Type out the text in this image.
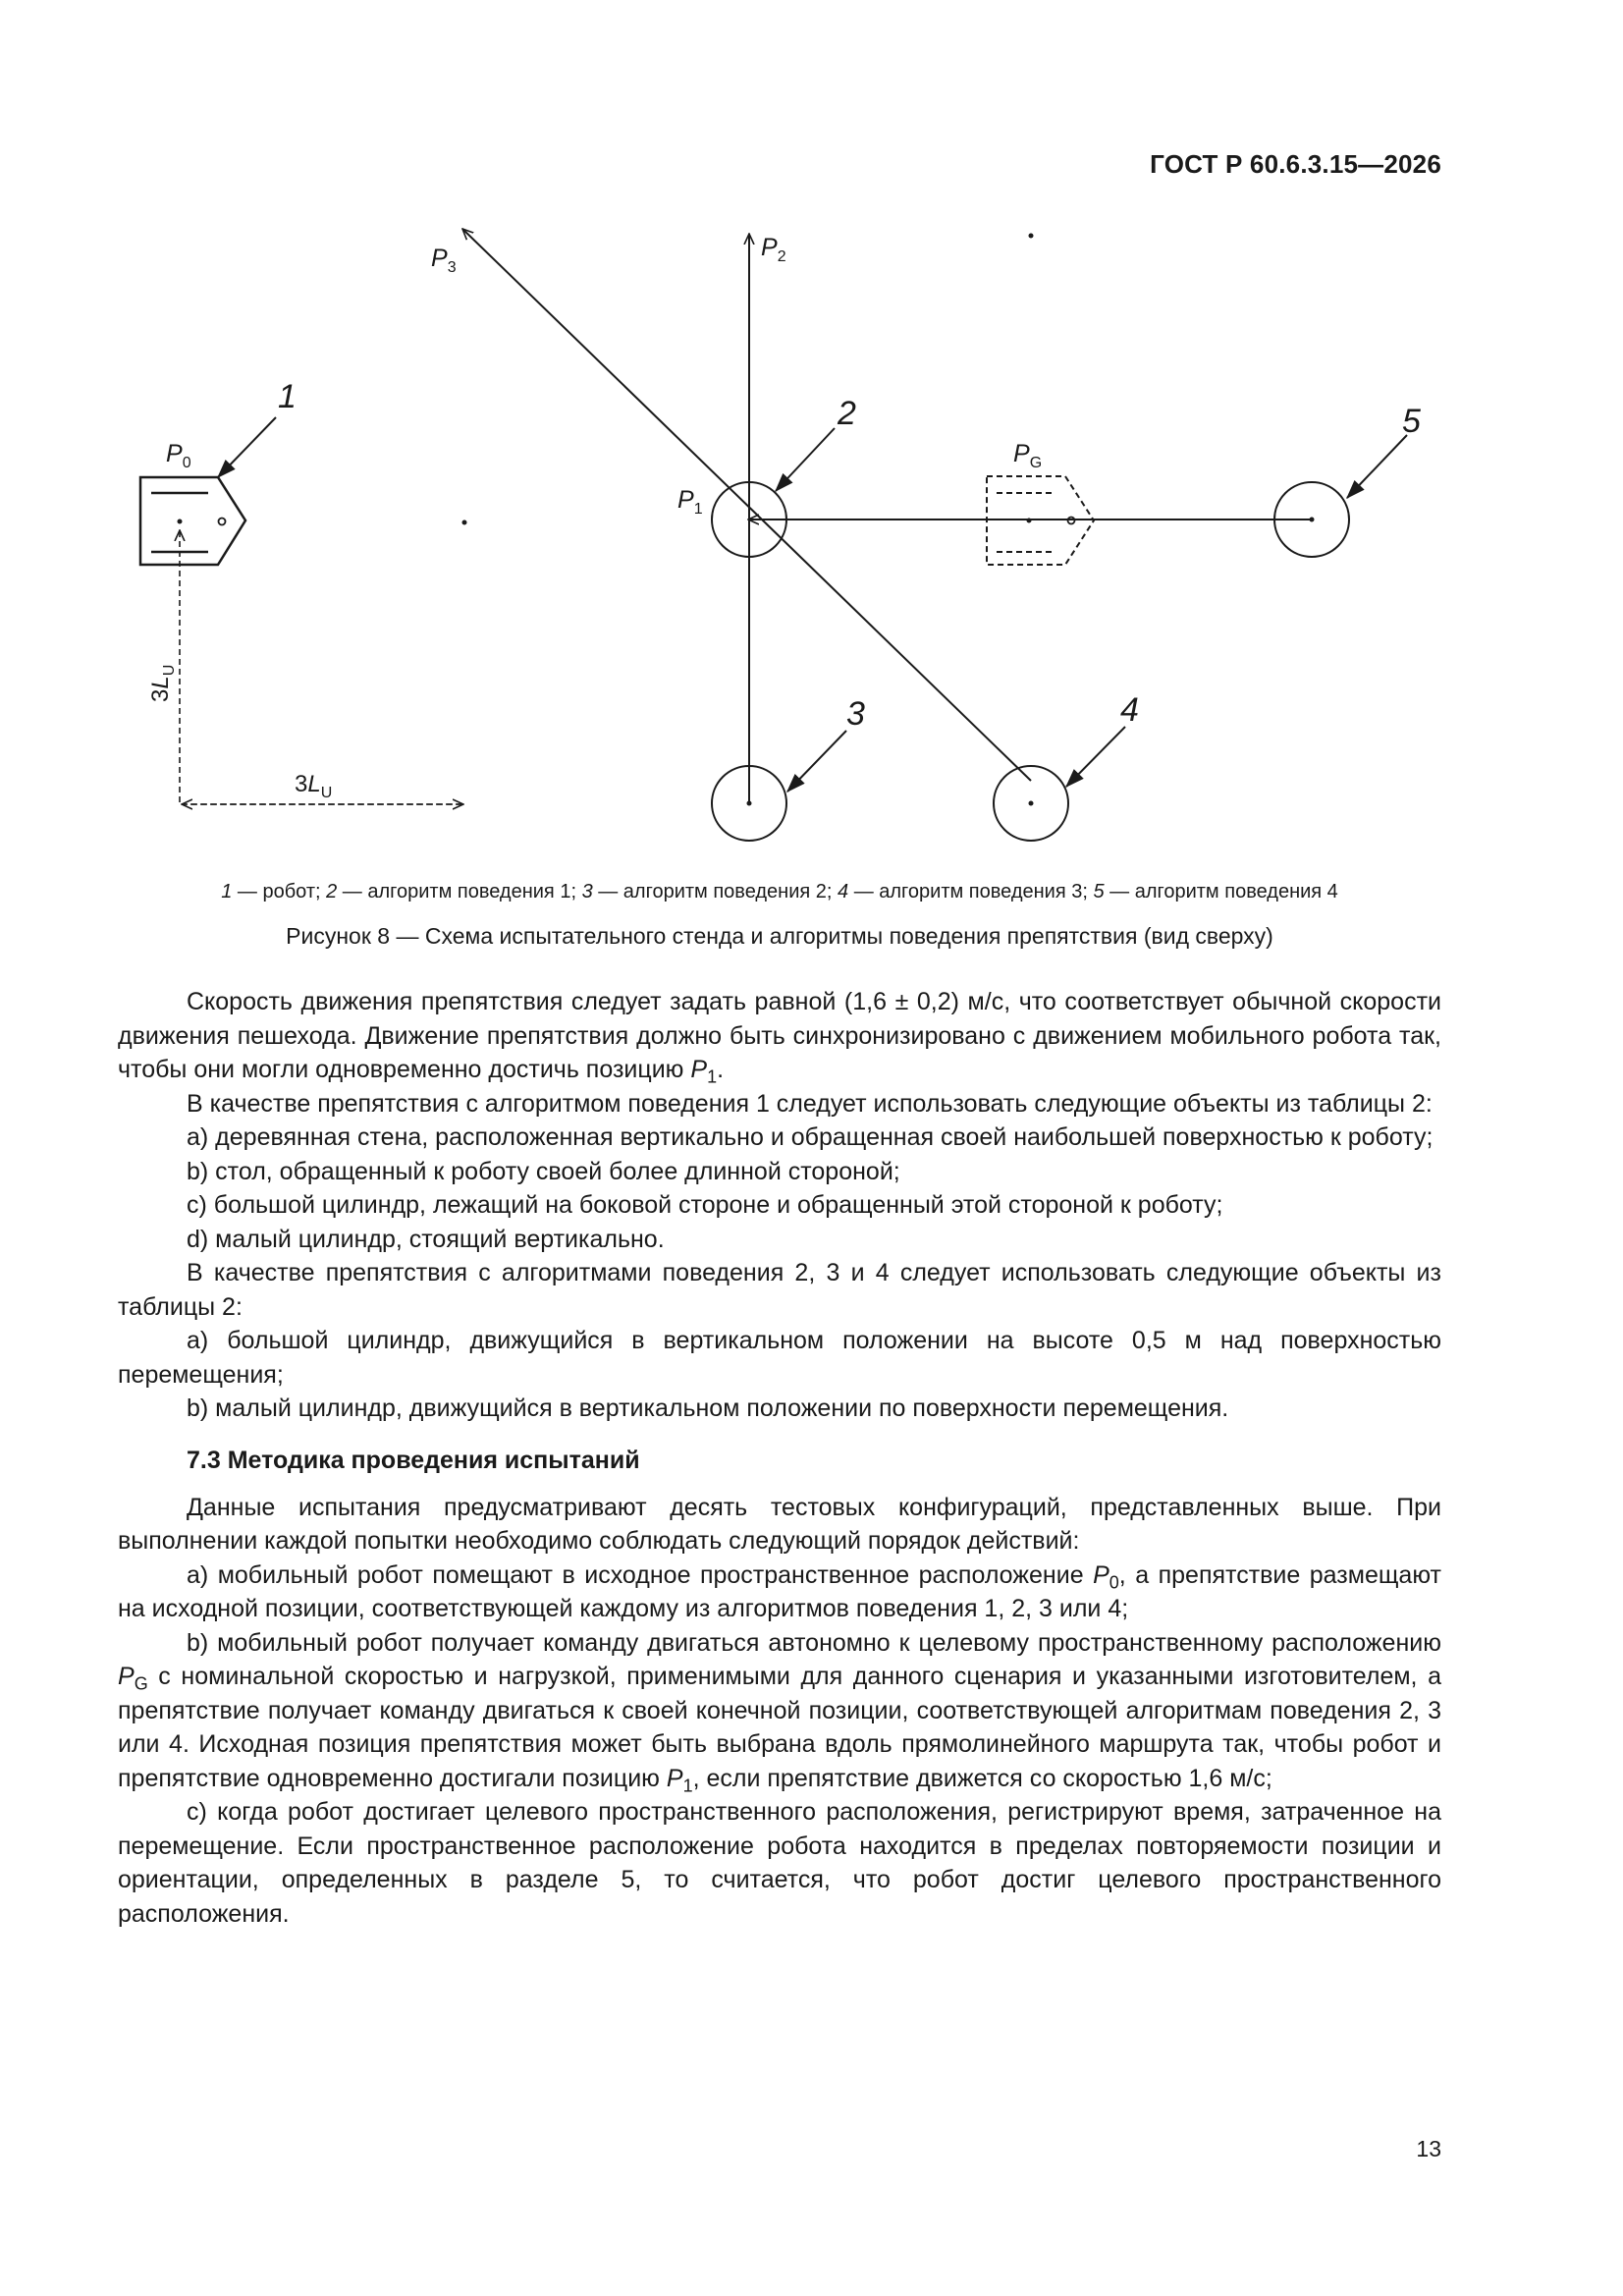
ГОСТ Р 60.6.3.15—2026
1	2
3	4
5
$P_0$
$P_1$
$P_2$
$P_3$
$P_G$
$3L_U$
$3L_U$
1 — робот; 2 — алгоритм поведения 1; 3 — алгоритм поведения 2; 4 — алгоритм поведения 3; 5 — алгоритм поведения 4
Рисунок 8 — Схема испытательного стенда и алгоритмы поведения препятствия (вид сверху)

Скорость движения препятствия следует задать равной (1,6 ± 0,2) м/с, что соответствует обычной скорости движения пешехода. Движение препятствия должно быть синхронизировано с движением мобильного робота так, чтобы они могли одновременно достичь позицию $P_1$.

В качестве препятствия с алгоритмом поведения 1 следует использовать следующие объекты из таблицы 2:

a) деревянная стена, расположенная вертикально и обращенная своей наибольшей поверхностью к роботу;

b) стол, обращенный к роботу своей более длинной стороной;

c) большой цилиндр, лежащий на боковой стороне и обращенный этой стороной к роботу;

d) малый цилиндр, стоящий вертикально.

В качестве препятствия с алгоритмами поведения 2, 3 и 4 следует использовать следующие объекты из таблицы 2:

a) большой цилиндр, движущийся в вертикальном положении на высоте 0,5 м над поверхностью перемещения;

b) малый цилиндр, движущийся в вертикальном положении по поверхности перемещения.

7.3 Методика проведения испытаний

Данные испытания предусматривают десять тестовых конфигураций, представленных выше. При выполнении каждой попытки необходимо соблюдать следующий порядок действий:

a) мобильный робот помещают в исходное пространственное расположение $P_0$, а препятствие размещают на исходной позиции, соответствующей каждому из алгоритмов поведения 1, 2, 3 или 4;

b) мобильный робот получает команду двигаться автономно к целевому пространственному расположению $P_G$ с номинальной скоростью и нагрузкой, применимыми для данного сценария и указанными изготовителем, а препятствие получает команду двигаться к своей конечной позиции, соответствующей алгоритмам поведения 2, 3 или 4. Исходная позиция препятствия может быть выбрана вдоль прямолинейного маршрута так, чтобы робот и препятствие одновременно достигали позицию $P_1$, если препятствие движется со скоростью 1,6 м/с;

c) когда робот достигает целевого пространственного расположения, регистрируют время, затраченное на перемещение. Если пространственное расположение робота находится в пределах повторяемости позиции и ориентации, определенных в разделе 5, то считается, что робот достиг целевого пространственного расположения.

13
